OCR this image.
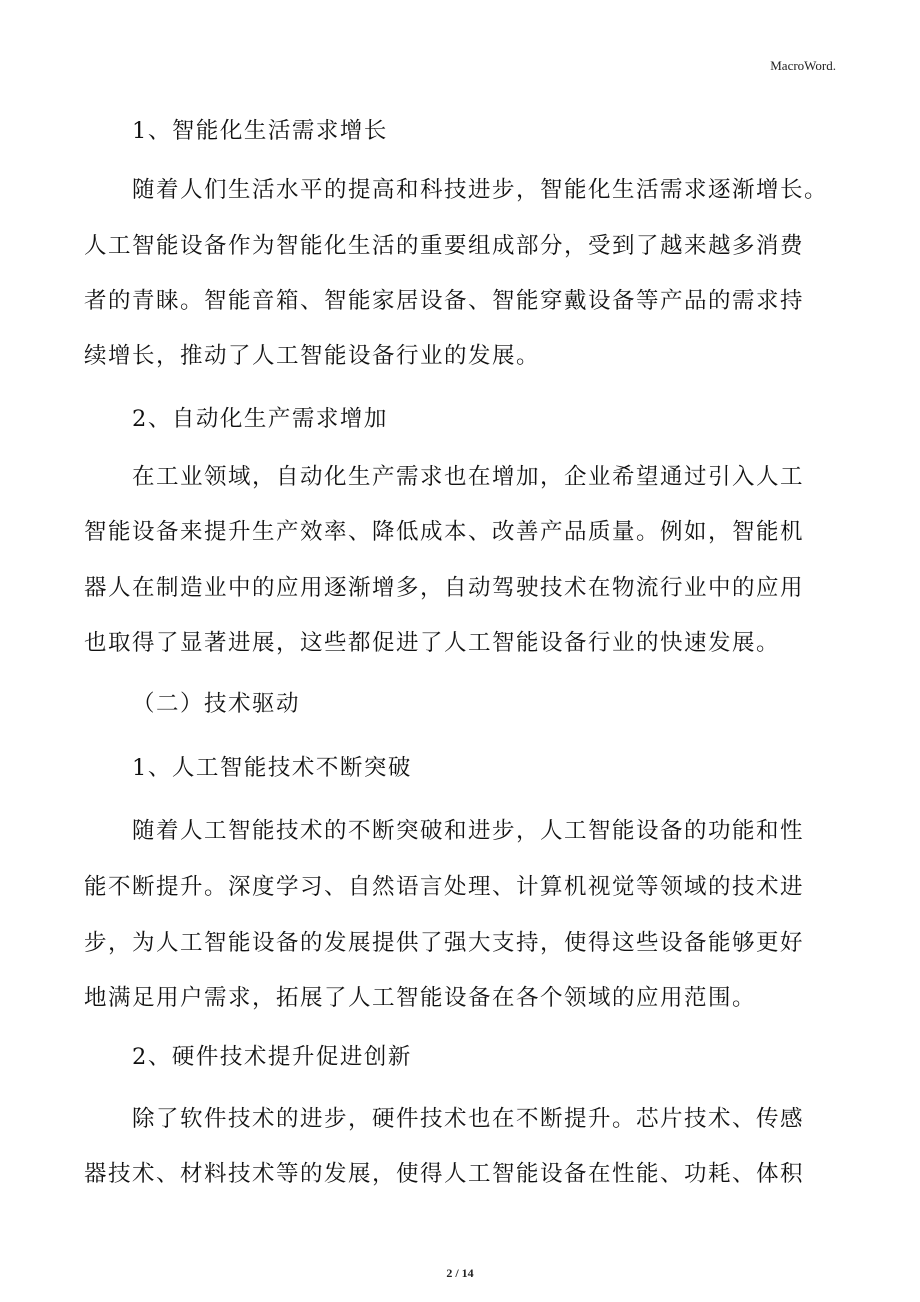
MacroWord.
1、智能化生活需求增长
随着人们生活水平的提高和科技进步，智能化生活需求逐渐增长。
人工智能设备作为智能化生活的重要组成部分，受到了越来越多消费
者的青睐。智能音箱、智能家居设备、智能穿戴设备等产品的需求持
续增长，推动了人工智能设备行业的发展。
2、自动化生产需求增加
在工业领域，自动化生产需求也在增加，企业希望通过引入人工
智能设备来提升生产效率、降低成本、改善产品质量。例如，智能机
器人在制造业中的应用逐渐增多，自动驾驶技术在物流行业中的应用
也取得了显著进展，这些都促进了人工智能设备行业的快速发展。
（二）技术驱动
1、人工智能技术不断突破
随着人工智能技术的不断突破和进步，人工智能设备的功能和性
能不断提升。深度学习、自然语言处理、计算机视觉等领域的技术进
步，为人工智能设备的发展提供了强大支持，使得这些设备能够更好
地满足用户需求，拓展了人工智能设备在各个领域的应用范围。
2、硬件技术提升促进创新
除了软件技术的进步，硬件技术也在不断提升。芯片技术、传感
器技术、材料技术等的发展，使得人工智能设备在性能、功耗、体积
2 / 14
